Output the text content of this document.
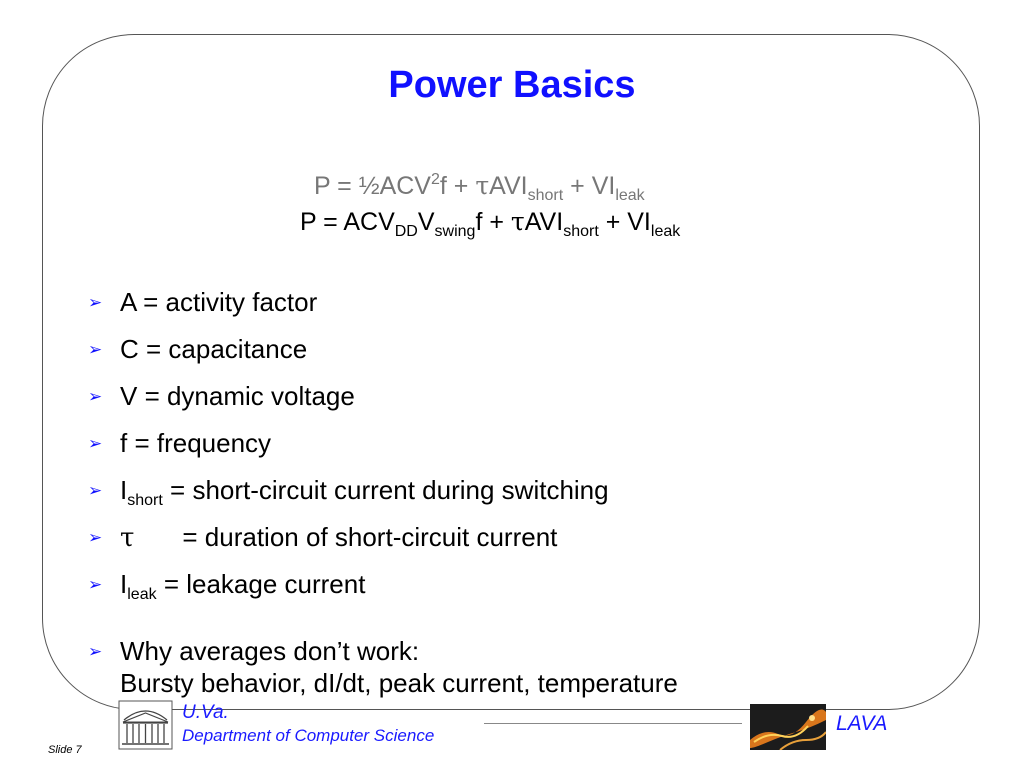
Power Basics
$P = \frac{1}{2}ACV^2f + \tau AVI_{short} + VI_{leak}$
$P = ACV_{DD}V_{swing}f + \tau AVI_{short} + VI_{leak}$
➢ A = activity factor
➢ C = capacitance
➢ V = dynamic voltage
➢ f = frequency
➢ $I_{short}$ = short-circuit current during switching
➢ τ = duration of short-circuit current
➢ $I_{leak}$ = leakage current
➢ Why averages don’t work:
Bursty behavior, dI/dt, peak current, temperature
U.Va.
Department of Computer Science
LAVA
Slide 7
